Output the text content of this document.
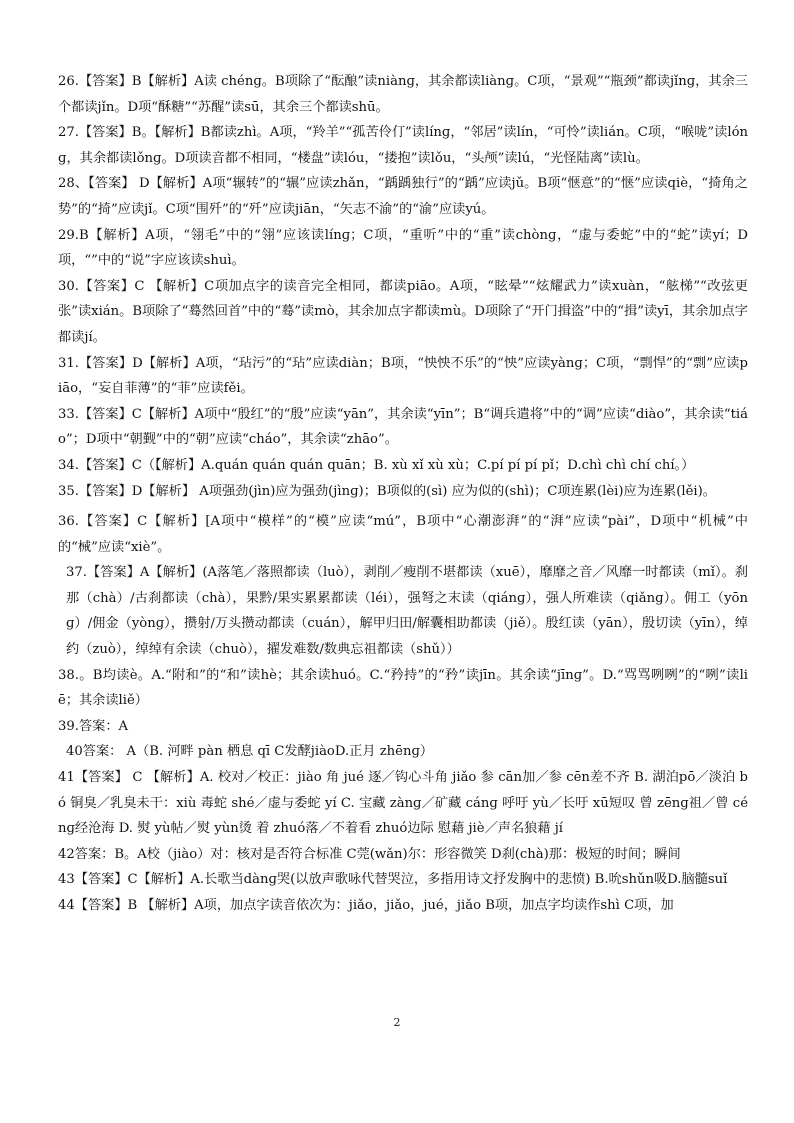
26.【答案】B【解析】A读 chénɡ。B项除了“酝酿”读niànɡ，其余都读liànɡ。C项，“景观”“瓶颈”都读jǐnɡ，其余三个都读jǐn。D项“酥糖”“苏醒”读sū，其余三个都读shū。

27.【答案】B。【解析】B都读zhì。A项，“羚羊”“孤苦伶仃”读línɡ，“邻居”读lín，“可怜”读lián。C项，“喉咙”读lónɡ，其余都读lǒnɡ。D项读音都不相同，“楼盘”读lóu，“搂抱”读lǒu，“头颅”读lú，“光怪陆离”读lù。

28、【答案】 D【解析】A项“辗转”的“辗”应读zhǎn，“踽踽独行”的“踽”应读jǔ。B项“惬意”的“惬”应读qiè，“掎角之势”的“掎”应读jǐ。C项“围歼”的“歼”应读jiān，“矢志不渝”的“渝”应读yú。

29.B【解析】A项，“翎毛”中的“翎”应该读línɡ；C项，“重听”中的“重”读chònɡ，“虚与委蛇”中的“蛇”读yí；D项，“”中的“说”字应该读shuì。

30.【答案】C 【解析】C项加点字的读音完全相同，都读piāo。A项，“眩晕”“炫耀武力”读xuàn，“舷梯”“改弦更张”读xián。B项除了“蓦然回首”中的“蓦”读mò，其余加点字都读mù。D项除了“开门揖盗”中的“揖”读yī，其余加点字都读jí。

31.【答案】D【解析】A项，“玷污”的“玷”应读diàn；B项，“怏怏不乐”的“怏”应读yànɡ；C项，“剽悍”的“剽”应读piāo，“妄自菲薄”的“菲”应读fěi。

33.【答案】C【解析】A项中“殷红”的“殷”应读“yān”，其余读“yīn”；B“调兵遣将”中的“调”应读“diào”，其余读“tiáo”；D项中“朝觐”中的“朝”应读“cháo”，其余读“zhāo”。

34.【答案】C（【解析】A.quán quán quán quān；B. xù xǐ xù xù；C.pí pí pí pǐ；D.chì chì chí chí。）

35.【答案】D【解析】 A项强劲(jìn)应为强劲(jìnɡ)；B项似的(sì) 应为似的(shì)；C项连累(lèi)应为连累(lěi)。

36.【答案】C【解析】[A项中“模样”的“模”应读“mú”，B项中“心潮澎湃”的“湃”应读“pài”，D项中“机械”中的“械”应读“xiè”。

37.【答案】A【解析】(A落笔／落照都读（luò），剥削／瘦削不堪都读（xuē），靡靡之音／风靡一时都读（mǐ）。刹那（chà）/古刹都读（chà），果黔/果实累累都读（léi），强弩之末读（qiánɡ），强人所难读（qiǎnɡ）。佣工（yōnɡ）/佣金（yònɡ），攒射/万头攒动都读（cuán），解甲归田/解囊相助都读（jiě）。殷红读（yān），殷切读（yīn），绰约（zuò），绰绰有余读（chuò），擢发难数/数典忘祖都读（shǔ））

38.。B均读è。A.“附和”的“和”读hè；其余读huó。C.“矜持”的“矜”读jīn。其余读“jīnɡ”。D.“骂骂咧咧”的“咧”读liē；其余读liě）

39.答案：A

40答案： A（B. 河畔 pàn 栖息 qī C发酵jiàoD.正月 zhēnɡ）

41【答案】 C 【解析】A. 校对／校正：jiào 角 jué 逐／钩心斗角 jiǎo 参 cān加／参 cēn差不齐 B. 湖泊pō／淡泊 bó 铜臭／乳臭未干：xiù 毒蛇 shé／虚与委蛇 yí C. 宝藏 zànɡ／矿藏 cánɡ 呼吁 yù／长吁 xū短叹 曾 zēnɡ祖／曾 cénɡ经沧海 D. 熨 yù帖／熨 yùn烫 着 zhuó落／不着看 zhuó边际 慰藉 jiè／声名狼藉 jí

42答案：B。A校（jiào）对：核对是否符合标准 C莞(wǎn)尔：形容微笑 D刹(chà)那：极短的时间；瞬间

43【答案】C【解析】A.长歌当dànɡ哭(以放声歌咏代替哭泣，多指用诗文抒发胸中的悲愤) B.吮shǔn吸D.脑髓suǐ

44【答案】B 【解析】A项，加点字读音依次为：jiǎo，jiǎo，jué，jiǎo B项，加点字均读作shì C项，加

2
